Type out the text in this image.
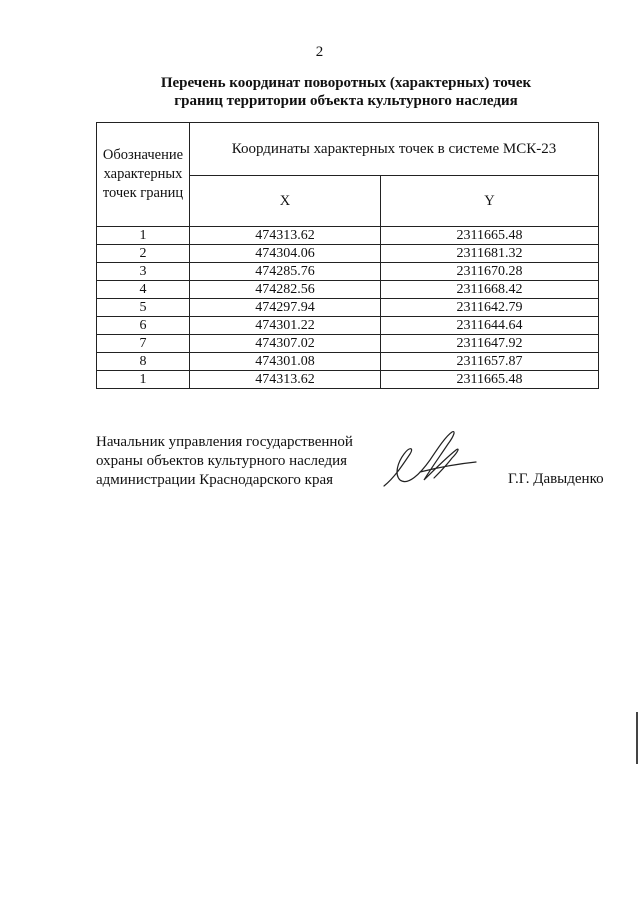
2
Перечень координат поворотных (характерных) точек
границ территории объекта культурного наследия
Обозначение
характерных
точек границ	Координаты характерных точек в системе МСК-23	
	X	Y
1	474313.62	2311665.48
2	474304.06	2311681.32
3	474285.76	2311670.28
4	474282.56	2311668.42
5	474297.94	2311642.79
6	474301.22	2311644.64
7	474307.02	2311647.92
8	474301.08	2311657.87
1	474313.62	2311665.48
Начальник управления государственной
охраны объектов культурного наследия
администрации Краснодарского края	Г.Г. Давыденко
